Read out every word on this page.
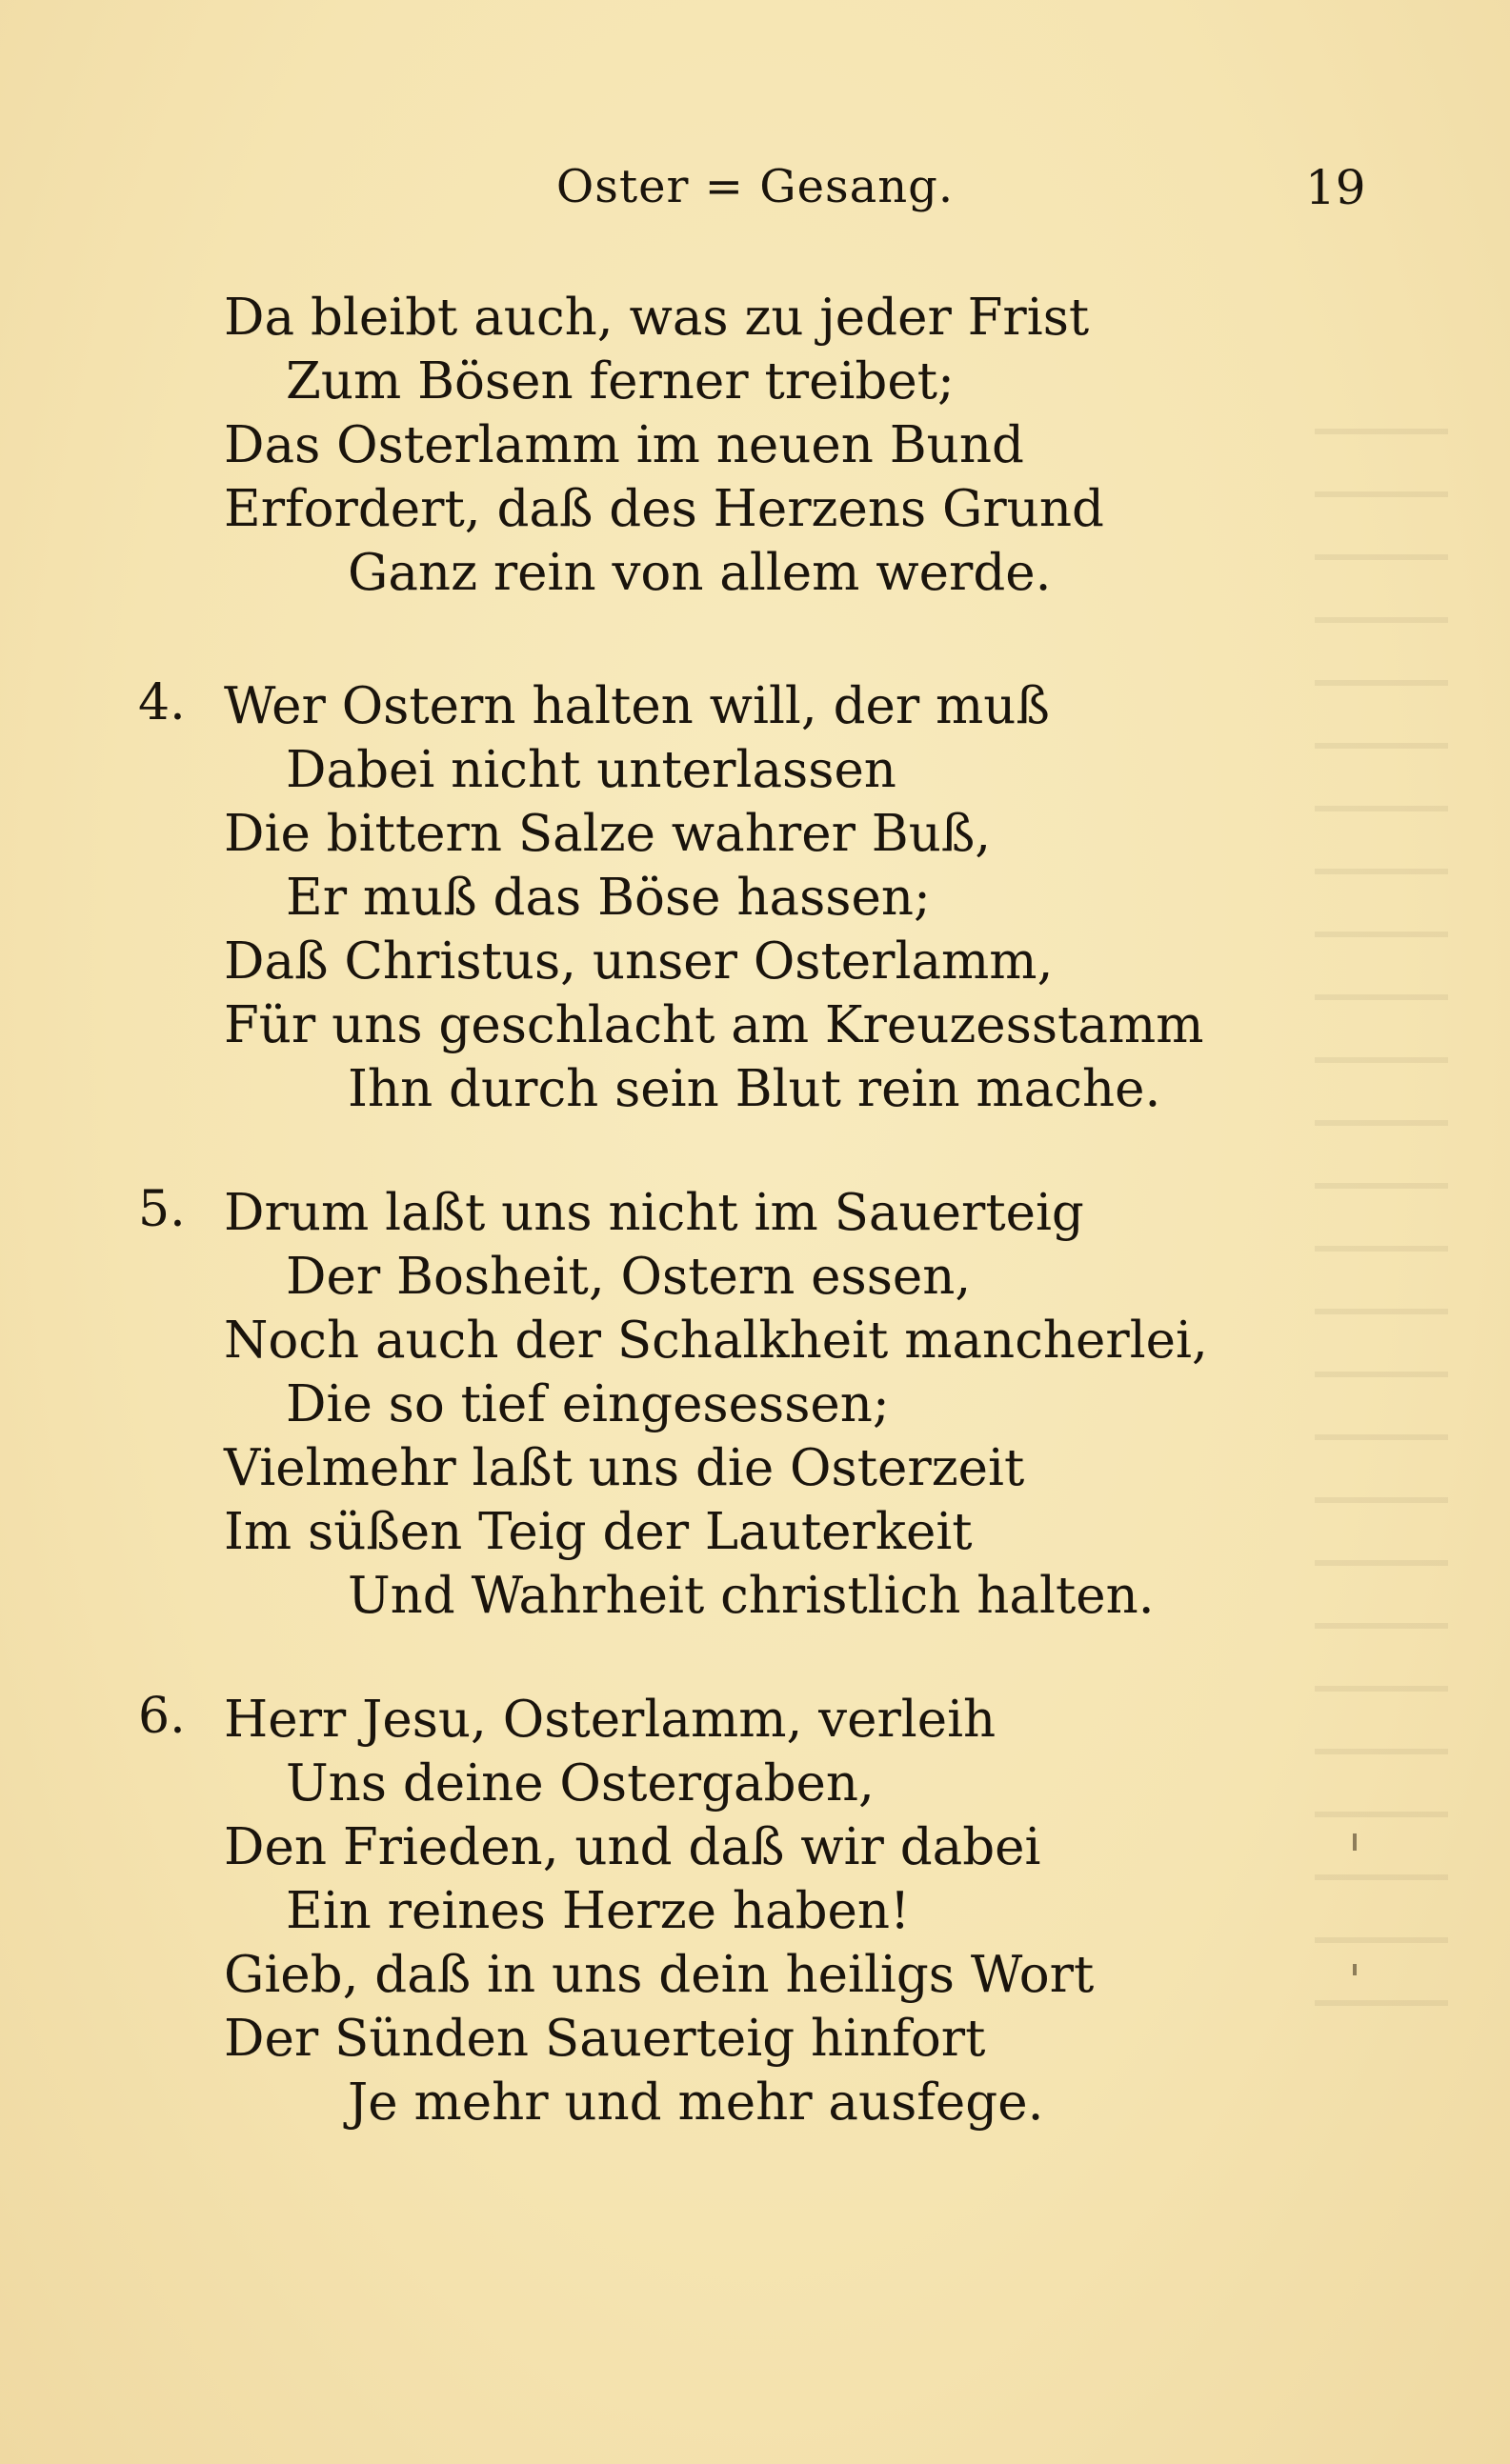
Oster = Gesang.	19
Da bleibt auch, was zu jeder Frist
Zum Bösen ferner treibet;
Das Osterlamm im neuen Bund
Erfordert, daß des Herzens Grund
Ganz rein von allem werde.
4. Wer Ostern halten will, der muß
Dabei nicht unterlassen
Die bittern Salze wahrer Buß,
Er muß das Böse hassen;
Daß Christus, unser Osterlamm,
Für uns geschlacht am Kreuzesstamm
Ihn durch sein Blut rein mache.
5. Drum laßt uns nicht im Sauerteig
Der Bosheit, Ostern essen,
Noch auch der Schalkheit mancherlei,
Die so tief eingesessen;
Vielmehr laßt uns die Osterzeit
Im süßen Teig der Lauterkeit
Und Wahrheit christlich halten.
6. Herr Jesu, Osterlamm, verleih
Uns deine Ostergaben,
Den Frieden, und daß wir dabei
Ein reines Herze haben!
Gieb, daß in uns dein heiligs Wort
Der Sünden Sauerteig hinfort
Je mehr und mehr ausfege.
